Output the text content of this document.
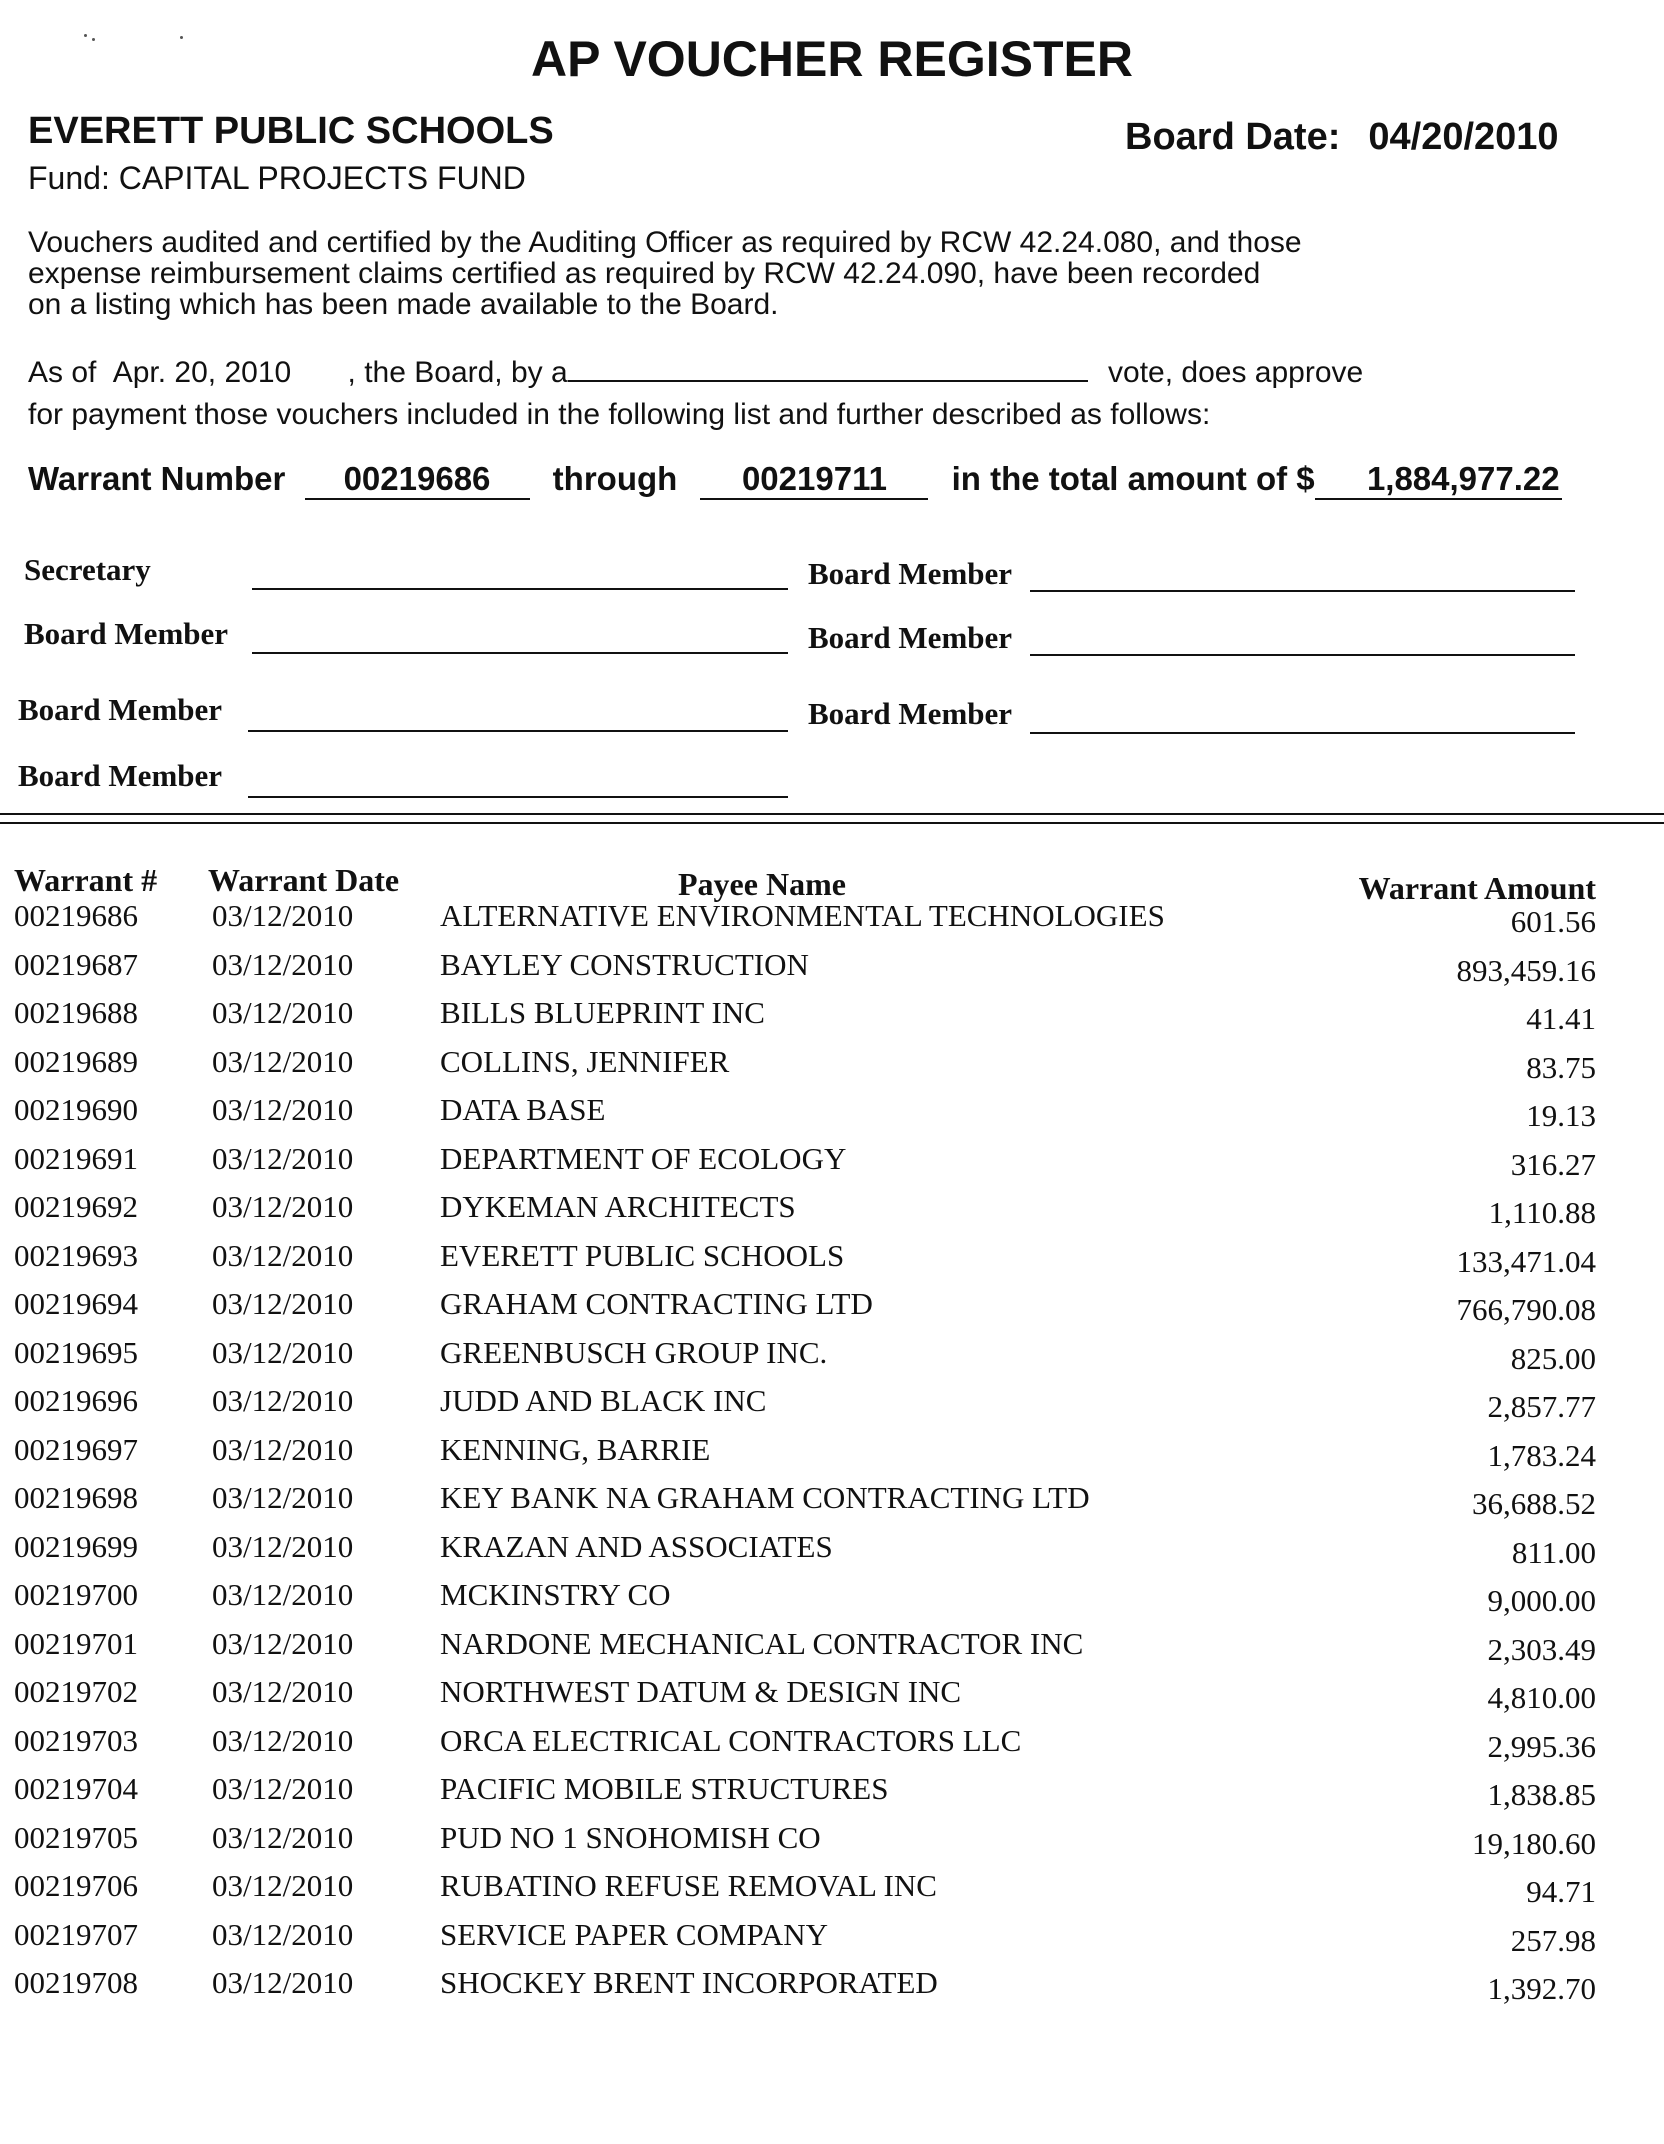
AP VOUCHER REGISTER
EVERETT PUBLIC SCHOOLS	Board Date: 04/20/2010
Fund: CAPITAL PROJECTS FUND
Vouchers audited and certified by the Auditing Officer as required by RCW 42.24.080, and those
expense reimbursement claims certified as required by RCW 42.24.090, have been recorded
on a listing which has been made available to the Board.
As of Apr. 20, 2010 , the Board, by a	vote, does approve
for payment those vouchers included in the following list and further described as follows:
Warrant Number 00219686 through 00219711 in the total amount of $ 1,884,977.22
Secretary	Board Member
Board Member	Board Member
Board Member	Board Member
Board Member
Warrant # Warrant Date	Payee Name	Warrant Amount
00219686 03/12/2010	ALTERNATIVE ENVIRONMENTAL TECHNOLOGIES	601.56
00219687 03/12/2010	BAYLEY CONSTRUCTION	893,459.16
00219688 03/12/2010	BILLS BLUEPRINT INC	41.41
00219689 03/12/2010	COLLINS, JENNIFER	83.75
00219690 03/12/2010	DATA BASE	19.13
00219691 03/12/2010	DEPARTMENT OF ECOLOGY	316.27
00219692 03/12/2010	DYKEMAN ARCHITECTS	1,110.88
00219693 03/12/2010	EVERETT PUBLIC SCHOOLS	133,471.04
00219694 03/12/2010	GRAHAM CONTRACTING LTD	766,790.08
00219695 03/12/2010	GREENBUSCH GROUP INC.	825.00
00219696 03/12/2010	JUDD AND BLACK INC	2,857.77
00219697 03/12/2010	KENNING, BARRIE	1,783.24
00219698 03/12/2010	KEY BANK NA GRAHAM CONTRACTING LTD	36,688.52
00219699 03/12/2010	KRAZAN AND ASSOCIATES	811.00
00219700 03/12/2010	MCKINSTRY CO	9,000.00
00219701 03/12/2010	NARDONE MECHANICAL CONTRACTOR INC	2,303.49
00219702 03/12/2010	NORTHWEST DATUM & DESIGN INC	4,810.00
00219703 03/12/2010	ORCA ELECTRICAL CONTRACTORS LLC	2,995.36
00219704 03/12/2010	PACIFIC MOBILE STRUCTURES	1,838.85
00219705 03/12/2010	PUD NO 1 SNOHOMISH CO	19,180.60
00219706 03/12/2010	RUBATINO REFUSE REMOVAL INC	94.71
00219707 03/12/2010	SERVICE PAPER COMPANY	257.98
00219708 03/12/2010	SHOCKEY BRENT INCORPORATED	1,392.70
